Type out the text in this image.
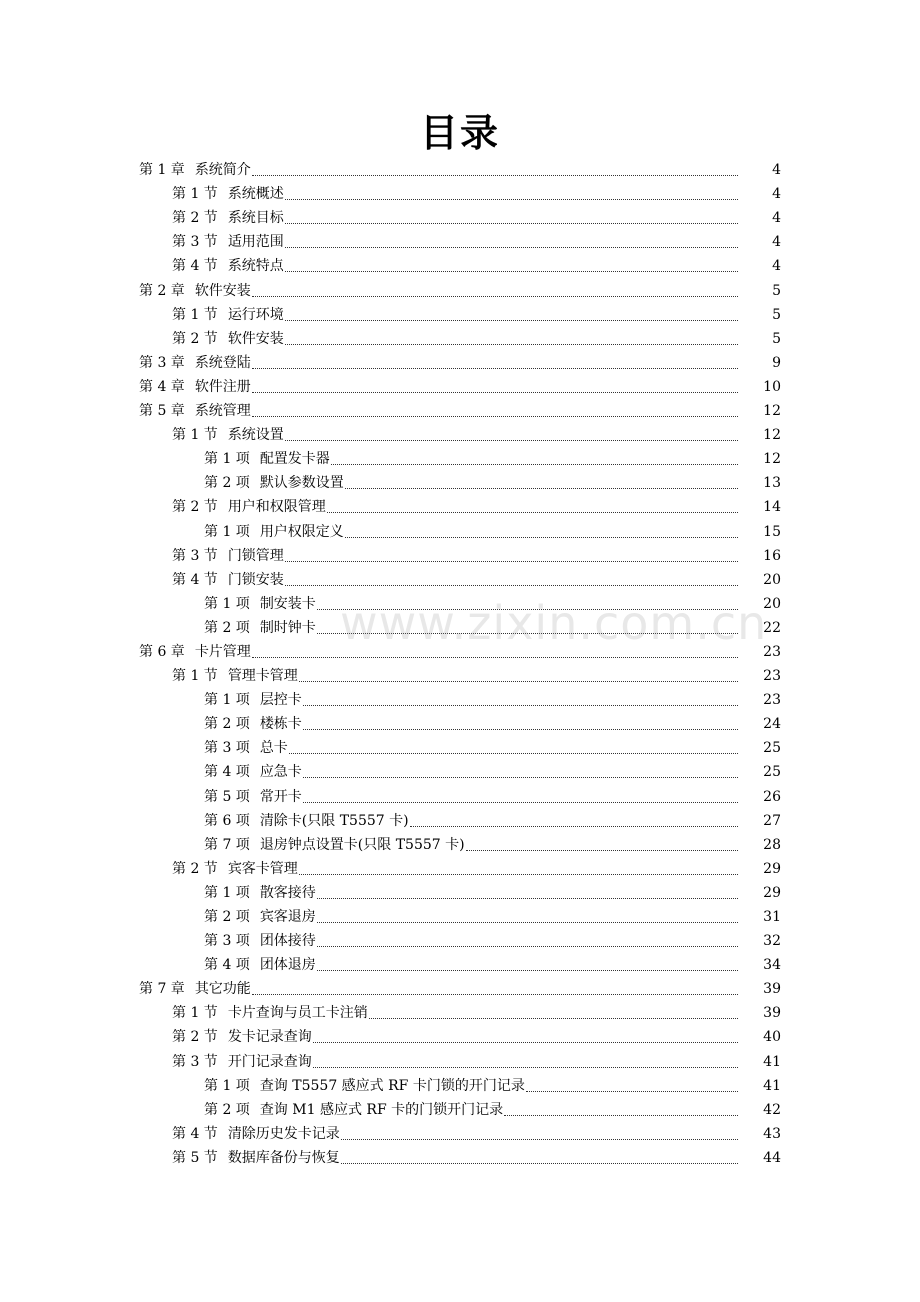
目录
第 1 章 系统简介	4
第 1 节 系统概述	4
第 2 节 系统目标	4
第 3 节 适用范围	4
第 4 节 系统特点	4
第 2 章 软件安装	5
第 1 节 运行环境	5
第 2 节 软件安装	5
第 3 章 系统登陆	9
第 4 章 软件注册	10
第 5 章 系统管理	12
第 1 节 系统设置	12
第 1 项 配置发卡器	12
第 2 项 默认参数设置	13
第 2 节 用户和权限管理	14
第 1 项 用户权限定义	15
第 3 节 门锁管理	16
第 4 节 门锁安装	20
第 1 项 制安装卡	20
第 2 项 制时钟卡	22
第 6 章 卡片管理	23
第 1 节 管理卡管理	23
第 1 项 层控卡	23
第 2 项 楼栋卡	24
第 3 项 总卡	25
第 4 项 应急卡	25
第 5 项 常开卡	26
第 6 项 清除卡(只限 T5557 卡)	27
第 7 项 退房钟点设置卡(只限 T5557 卡)	28
第 2 节 宾客卡管理	29
第 1 项 散客接待	29
第 2 项 宾客退房	31
第 3 项 团体接待	32
第 4 项 团体退房	34
第 7 章 其它功能	39
第 1 节 卡片查询与员工卡注销	39
第 2 节 发卡记录查询	40
第 3 节 开门记录查询	41
第 1 项 查询 T5557 感应式 RF 卡门锁的开门记录	41
第 2 项 查询 M1 感应式 RF 卡的门锁开门记录	42
第 4 节 清除历史发卡记录	43
第 5 节 数据库备份与恢复	44
www.zixin.com.cn
